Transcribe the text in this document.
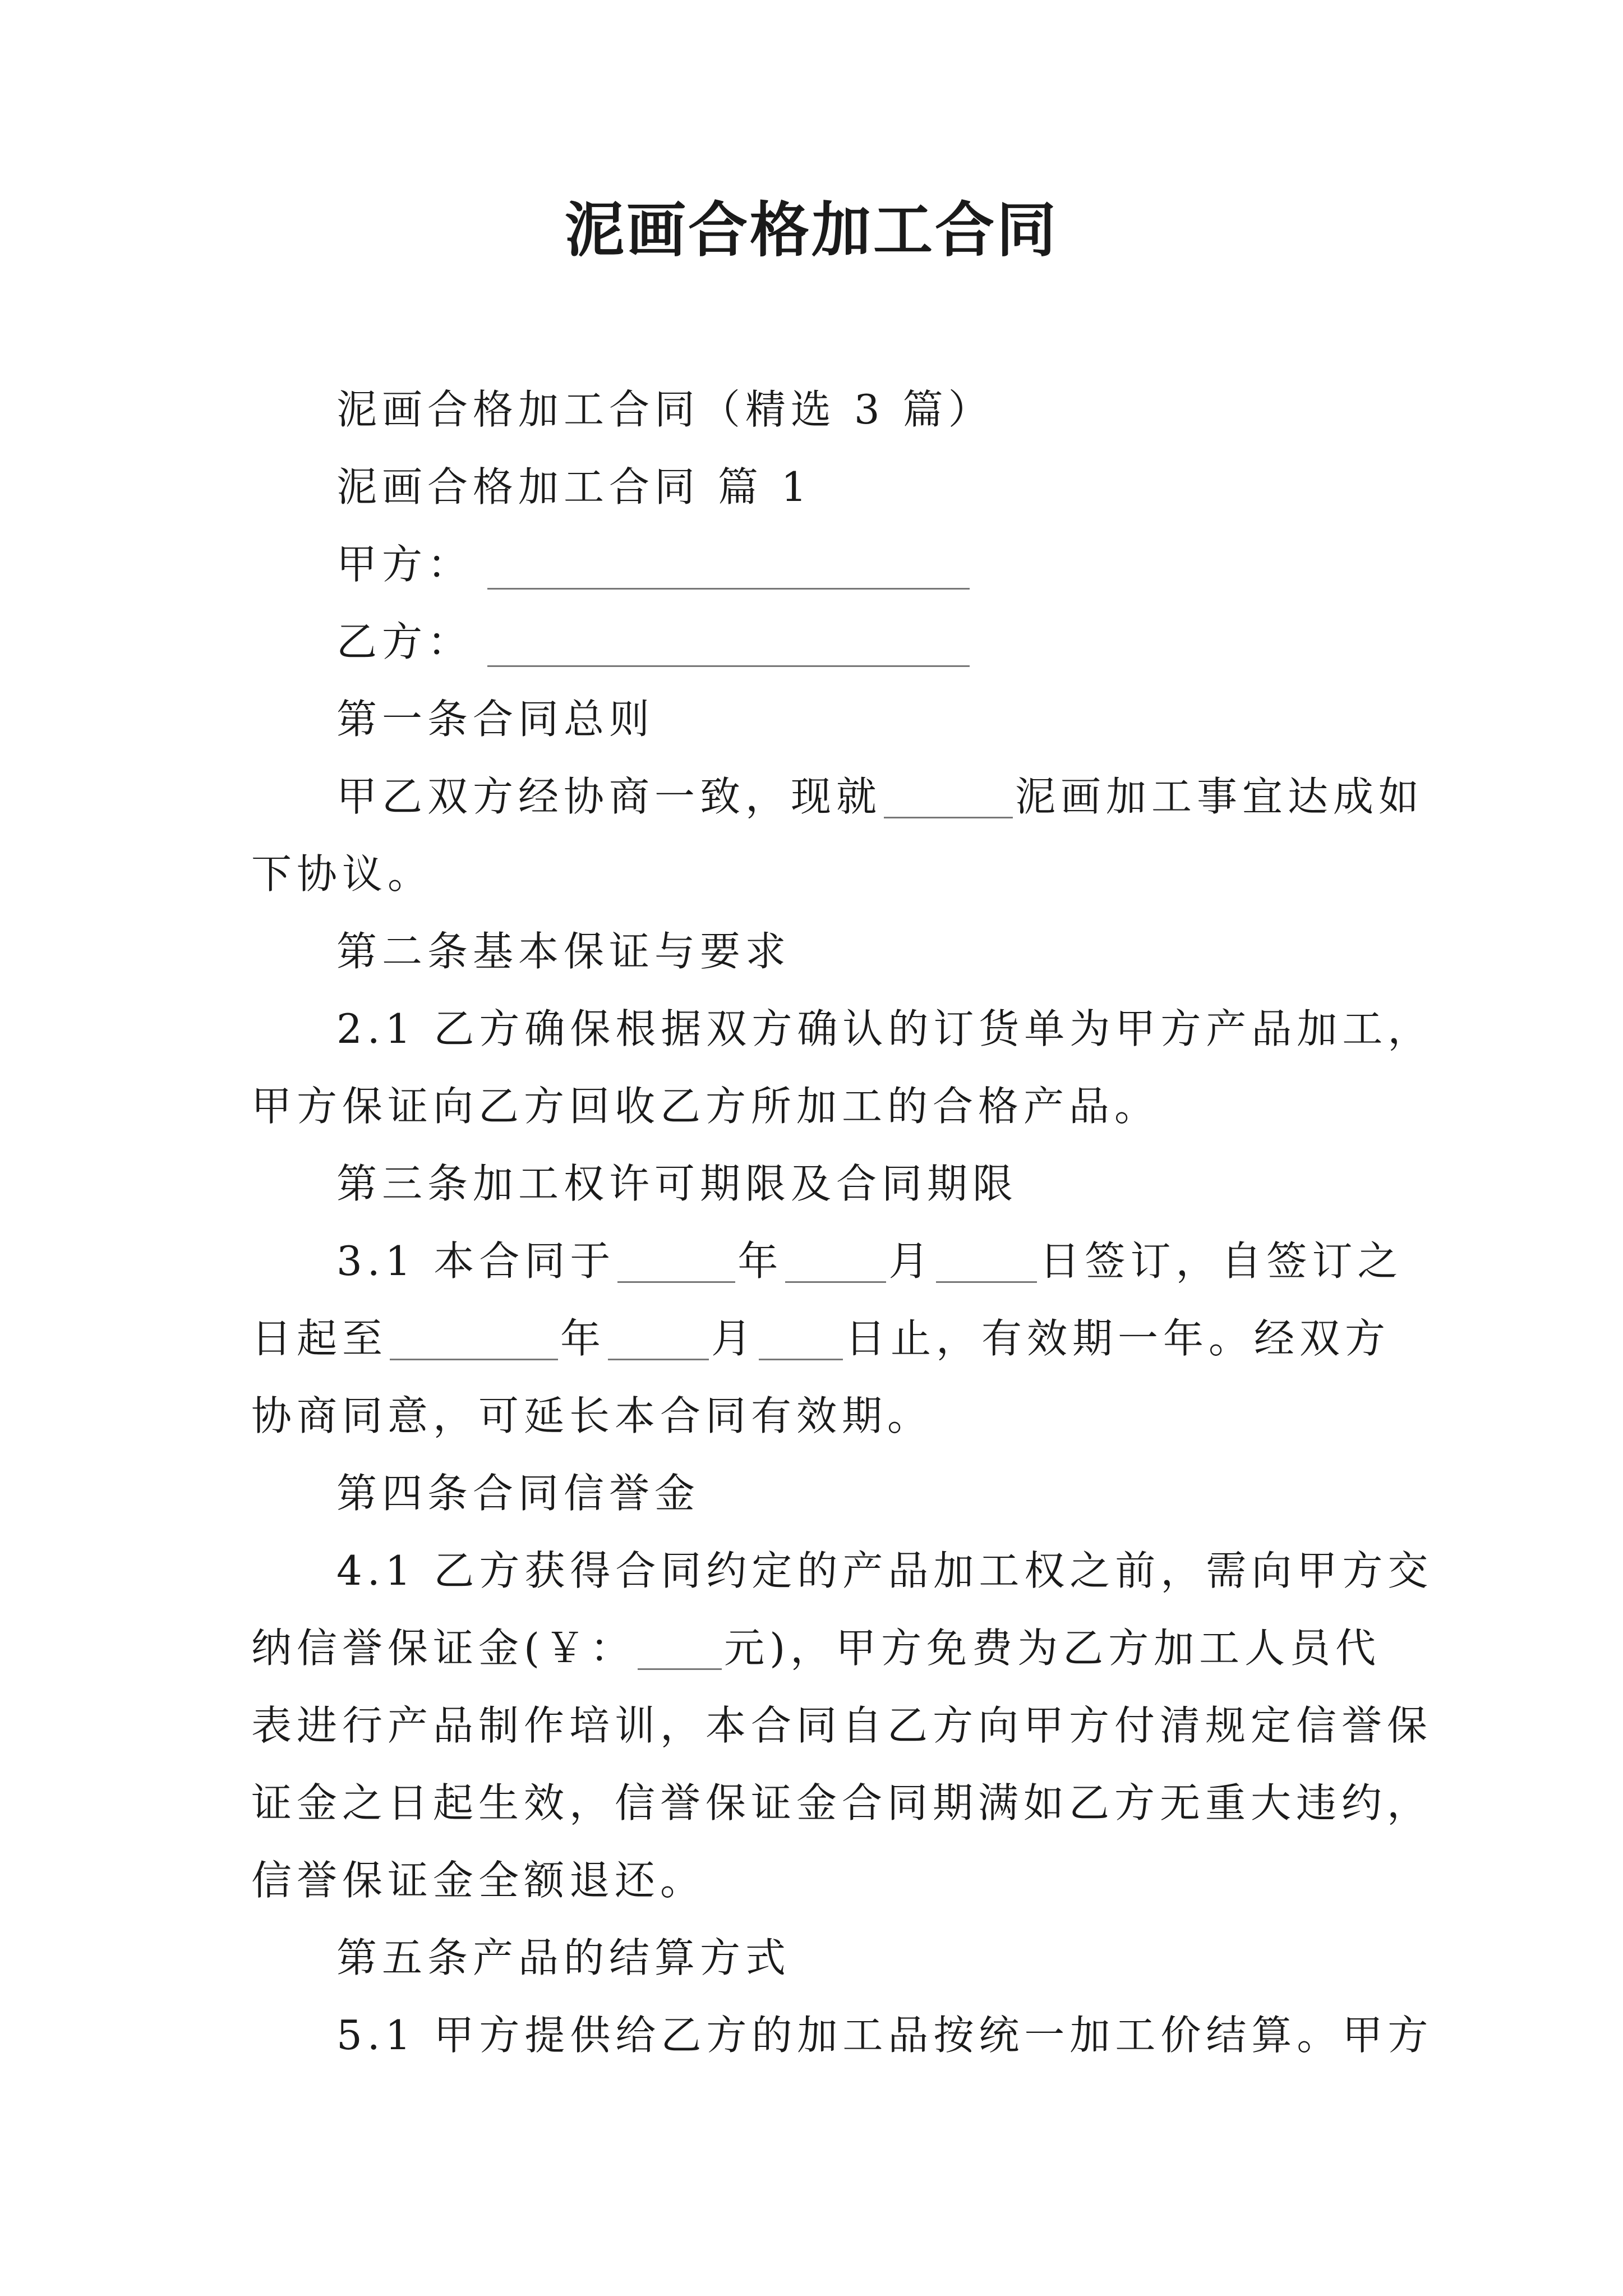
泥画合格加工合同
泥画合格加工合同（精选 3 篇）
泥画合格加工合同 篇 1
甲方：
乙方：
第一条合同总则
甲乙双方经协商一致，现就	泥画加工事宜达成如
下协议。
第二条基本保证与要求
2.1 乙方确保根据双方确认的订货单为甲方产品加工，
甲方保证向乙方回收乙方所加工的合格产品。
第三条加工权许可期限及合同期限
3.1 本合同于	年	月	日签订，自签订之
日起至	年	月 日止，有效期一年。经双方
协商同意，可延长本合同有效期。
第四条合同信誉金
4.1 乙方获得合同约定的产品加工权之前，需向甲方交
纳信誉保证金(￥： 元)，甲方免费为乙方加工人员代
表进行产品制作培训，本合同自乙方向甲方付清规定信誉保
证金之日起生效，信誉保证金合同期满如乙方无重大违约，
信誉保证金全额退还。
第五条产品的结算方式
5.1 甲方提供给乙方的加工品按统一加工价结算。甲方
